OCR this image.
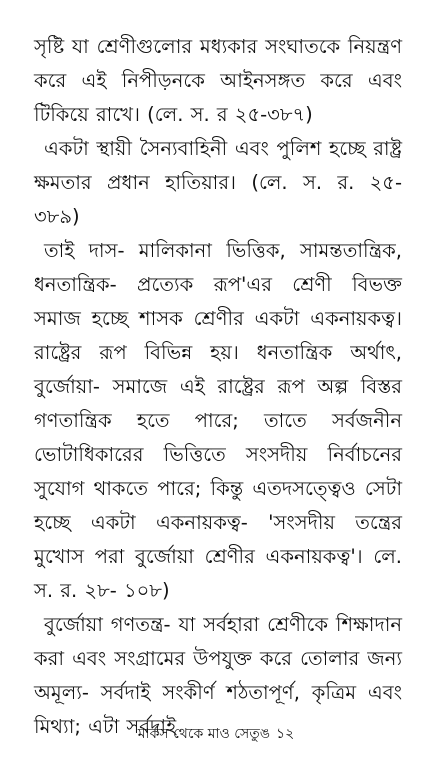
সৃষ্টি যা শ্রেণীগুলোর মধ্যকার সংঘাতকে নিয়ন্ত্রণ করে এই নিপীড়নকে আইনসঙ্গত করে এবং টিকিয়ে রাখে। (লে. স. র ২৫-৩৮৭)

একটা স্থায়ী সৈন্যবাহিনী এবং পুলিশ হচ্ছে রাষ্ট্র ক্ষমতার প্রধান হাতিয়ার। (লে. স. র. ২৫- ৩৮৯)

তাই দাস- মালিকানা ভিত্তিক, সামন্ততান্ত্রিক, ধনতান্ত্রিক- প্রত্যেক রূপ'এর শ্রেণী বিভক্ত সমাজ হচ্ছে শাসক শ্রেণীর একটা একনায়কত্ব। রাষ্ট্রের রূপ বিভিন্ন হয়। ধনতান্ত্রিক অর্থাৎ, বুর্জোয়া- সমাজে এই রাষ্ট্রের রূপ অল্প বিস্তর গণতান্ত্রিক হতে পারে; তাতে সর্বজনীন ভোটাধিকারের ভিত্তিতে সংসদীয় নির্বাচনের সুযোগ থাকতে পারে; কিন্তু এতদসত্ত্বেও সেটা হচ্ছে একটা একনায়কত্ব- 'সংসদীয় তন্ত্রের মুখোস পরা বুর্জোয়া শ্রেণীর একনায়কত্ব'। লে. স. র. ২৮- ১০৮)

বুর্জোয়া গণতন্ত্র- যা সর্বহারা শ্রেণীকে শিক্ষাদান করা এবং সংগ্রামের উপযুক্ত করে তোলার জন্য অমূল্য- সর্বদাই সংকীর্ণ শঠতাপূর্ণ, কৃত্রিম এবং মিথ্যা; এটা সর্বদাই

মার্কস থেকে মাও সেতুঙ ১২
